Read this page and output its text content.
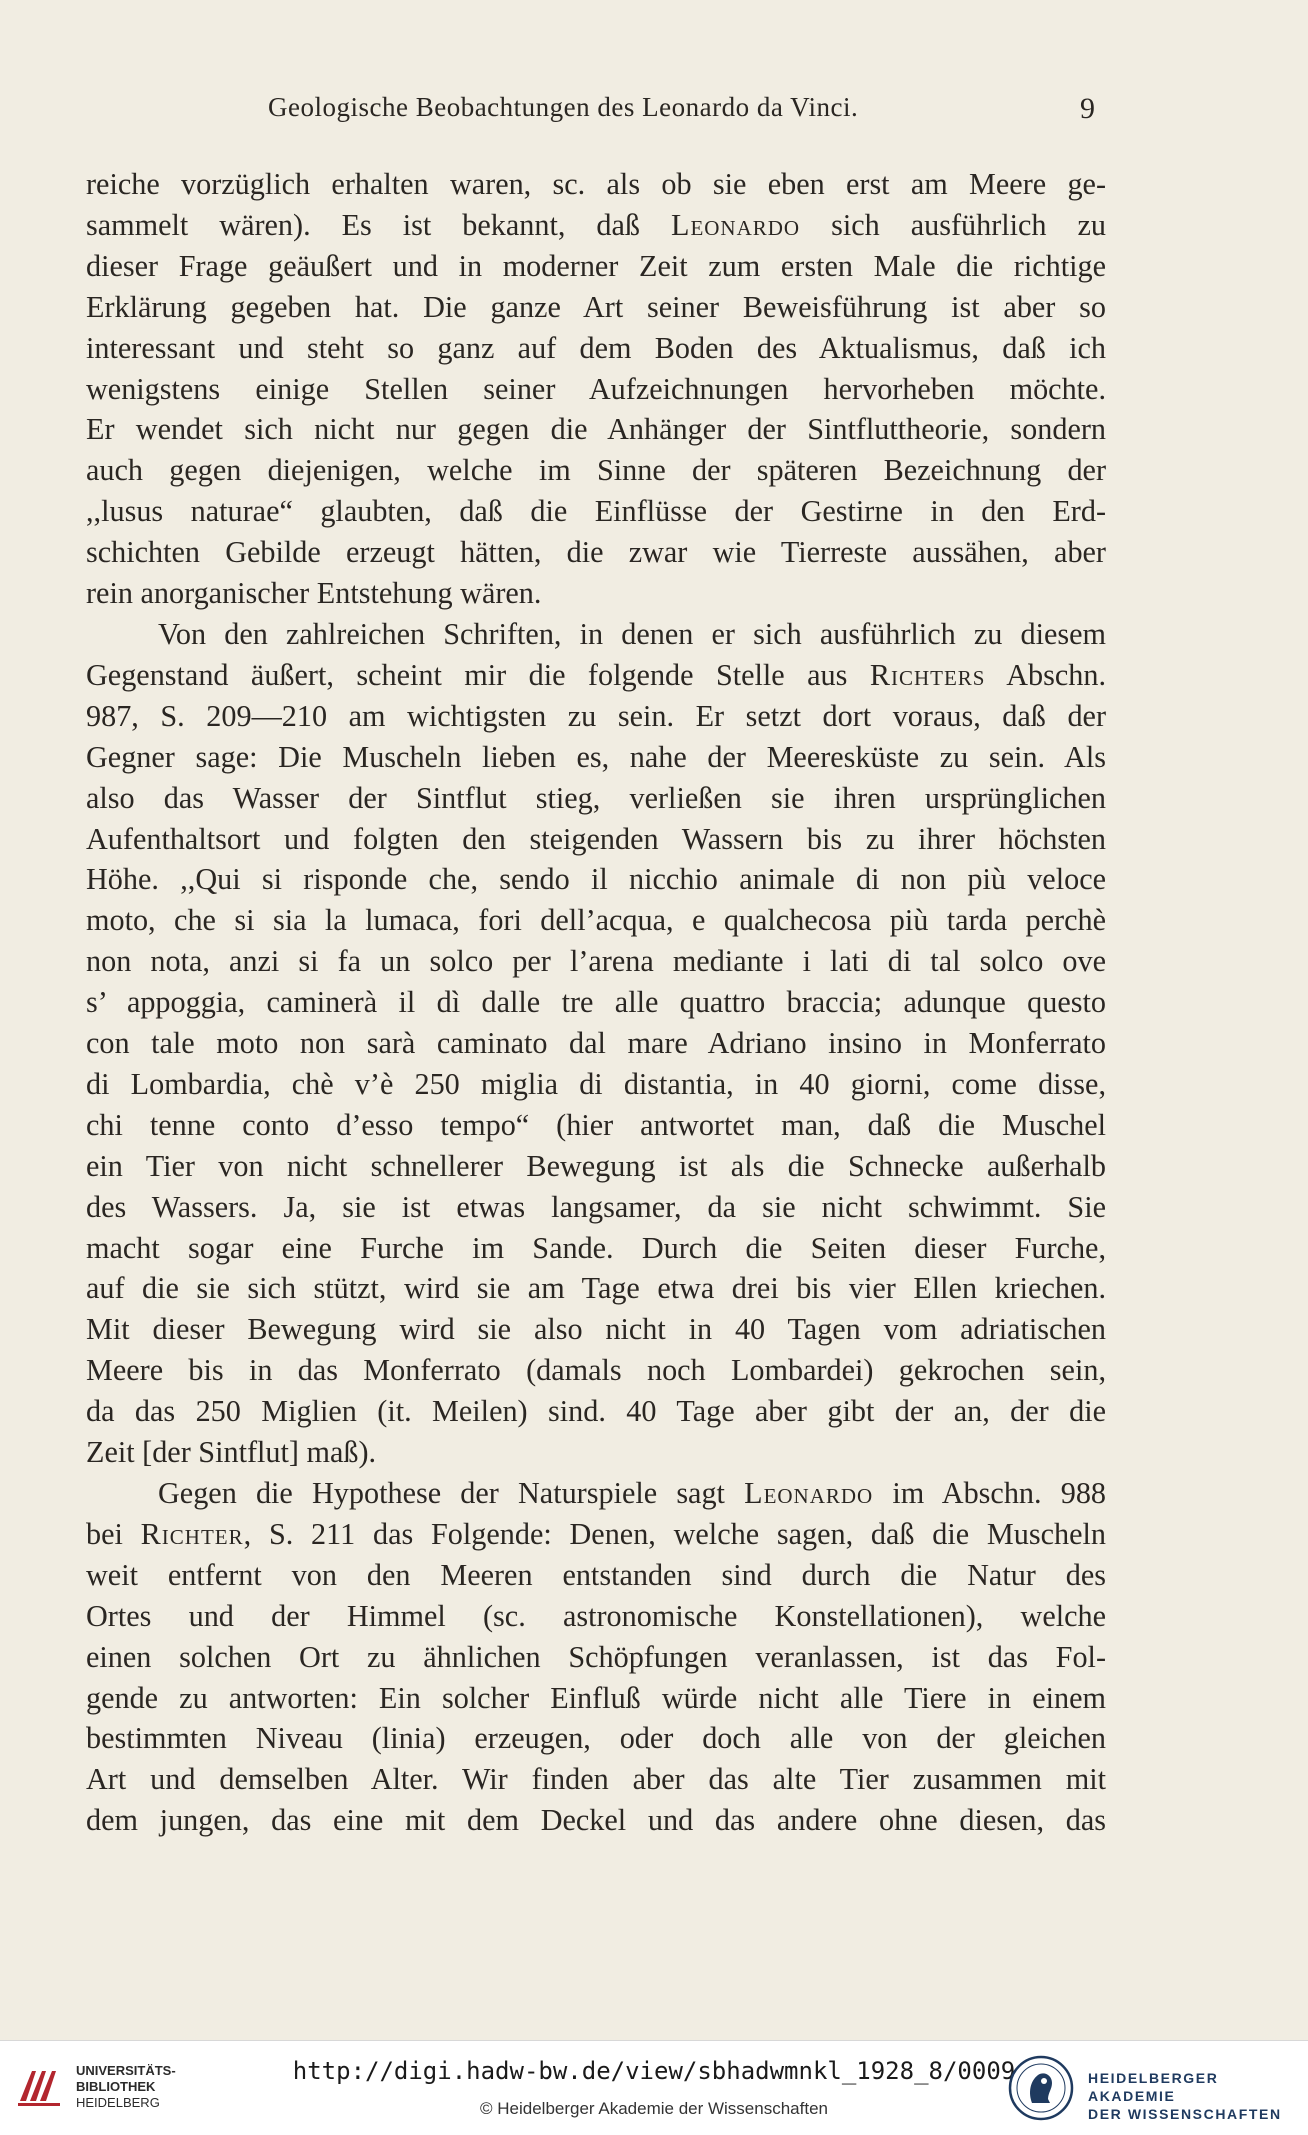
Geologische Beobachtungen des Leonardo da Vinci.	9
reiche vorzüglich erhalten waren, sc. als ob sie eben erst am Meere ge-
sammelt wären). Es ist bekannt, daß Leonardo sich ausführlich zu
dieser Frage geäußert und in moderner Zeit zum ersten Male die richtige
Erklärung gegeben hat. Die ganze Art seiner Beweisführung ist aber so
interessant und steht so ganz auf dem Boden des Aktualismus, daß ich
wenigstens einige Stellen seiner Aufzeichnungen hervorheben möchte.
Er wendet sich nicht nur gegen die Anhänger der Sintfluttheorie, sondern
auch gegen diejenigen, welche im Sinne der späteren Bezeichnung der
,,lusus naturae“ glaubten, daß die Einflüsse der Gestirne in den Erd-
schichten Gebilde erzeugt hätten, die zwar wie Tierreste aussähen, aber
rein anorganischer Entstehung wären.
Von den zahlreichen Schriften, in denen er sich ausführlich zu diesem
Gegenstand äußert, scheint mir die folgende Stelle aus Richters Abschn.
987, S. 209—210 am wichtigsten zu sein. Er setzt dort voraus, daß der
Gegner sage: Die Muscheln lieben es, nahe der Meeresküste zu sein. Als
also das Wasser der Sintflut stieg, verließen sie ihren ursprünglichen
Aufenthaltsort und folgten den steigenden Wassern bis zu ihrer höchsten
Höhe. ,,Qui si risponde che, sendo il nicchio animale di non più veloce
moto, che si sia la lumaca, fori dell’acqua, e qualchecosa più tarda perchè
non nota, anzi si fa un solco per l’arena mediante i lati di tal solco ove
s’ appoggia, caminerà il dì dalle tre alle quattro braccia; adunque questo
con tale moto non sarà caminato dal mare Adriano insino in Monferrato
di Lombardia, chè v’è 250 miglia di distantia, in 40 giorni, come disse,
chi tenne conto d’esso tempo“ (hier antwortet man, daß die Muschel
ein Tier von nicht schnellerer Bewegung ist als die Schnecke außerhalb
des Wassers. Ja, sie ist etwas langsamer, da sie nicht schwimmt. Sie
macht sogar eine Furche im Sande. Durch die Seiten dieser Furche,
auf die sie sich stützt, wird sie am Tage etwa drei bis vier Ellen kriechen.
Mit dieser Bewegung wird sie also nicht in 40 Tagen vom adriatischen
Meere bis in das Monferrato (damals noch Lombardei) gekrochen sein,
da das 250 Miglien (it. Meilen) sind. 40 Tage aber gibt der an, der die
Zeit [der Sintflut] maß).
Gegen die Hypothese der Naturspiele sagt Leonardo im Abschn. 988
bei Richter, S. 211 das Folgende: Denen, welche sagen, daß die Muscheln
weit entfernt von den Meeren entstanden sind durch die Natur des
Ortes und der Himmel (sc. astronomische Konstellationen), welche
einen solchen Ort zu ähnlichen Schöpfungen veranlassen, ist das Fol-
gende zu antworten: Ein solcher Einfluß würde nicht alle Tiere in einem
bestimmten Niveau (linia) erzeugen, oder doch alle von der gleichen
Art und demselben Alter. Wir finden aber das alte Tier zusammen mit
dem jungen, das eine mit dem Deckel und das andere ohne diesen, das
UNIVERSITÄTS-
BIBLIOTHEK
HEIDELBERG
http://digi.hadw-bw.de/view/sbhadwmnkl_1928_8/0009
© Heidelberger Akademie der Wissenschaften
HEIDELBERGER AKADEMIE
DER WISSENSCHAFTEN
